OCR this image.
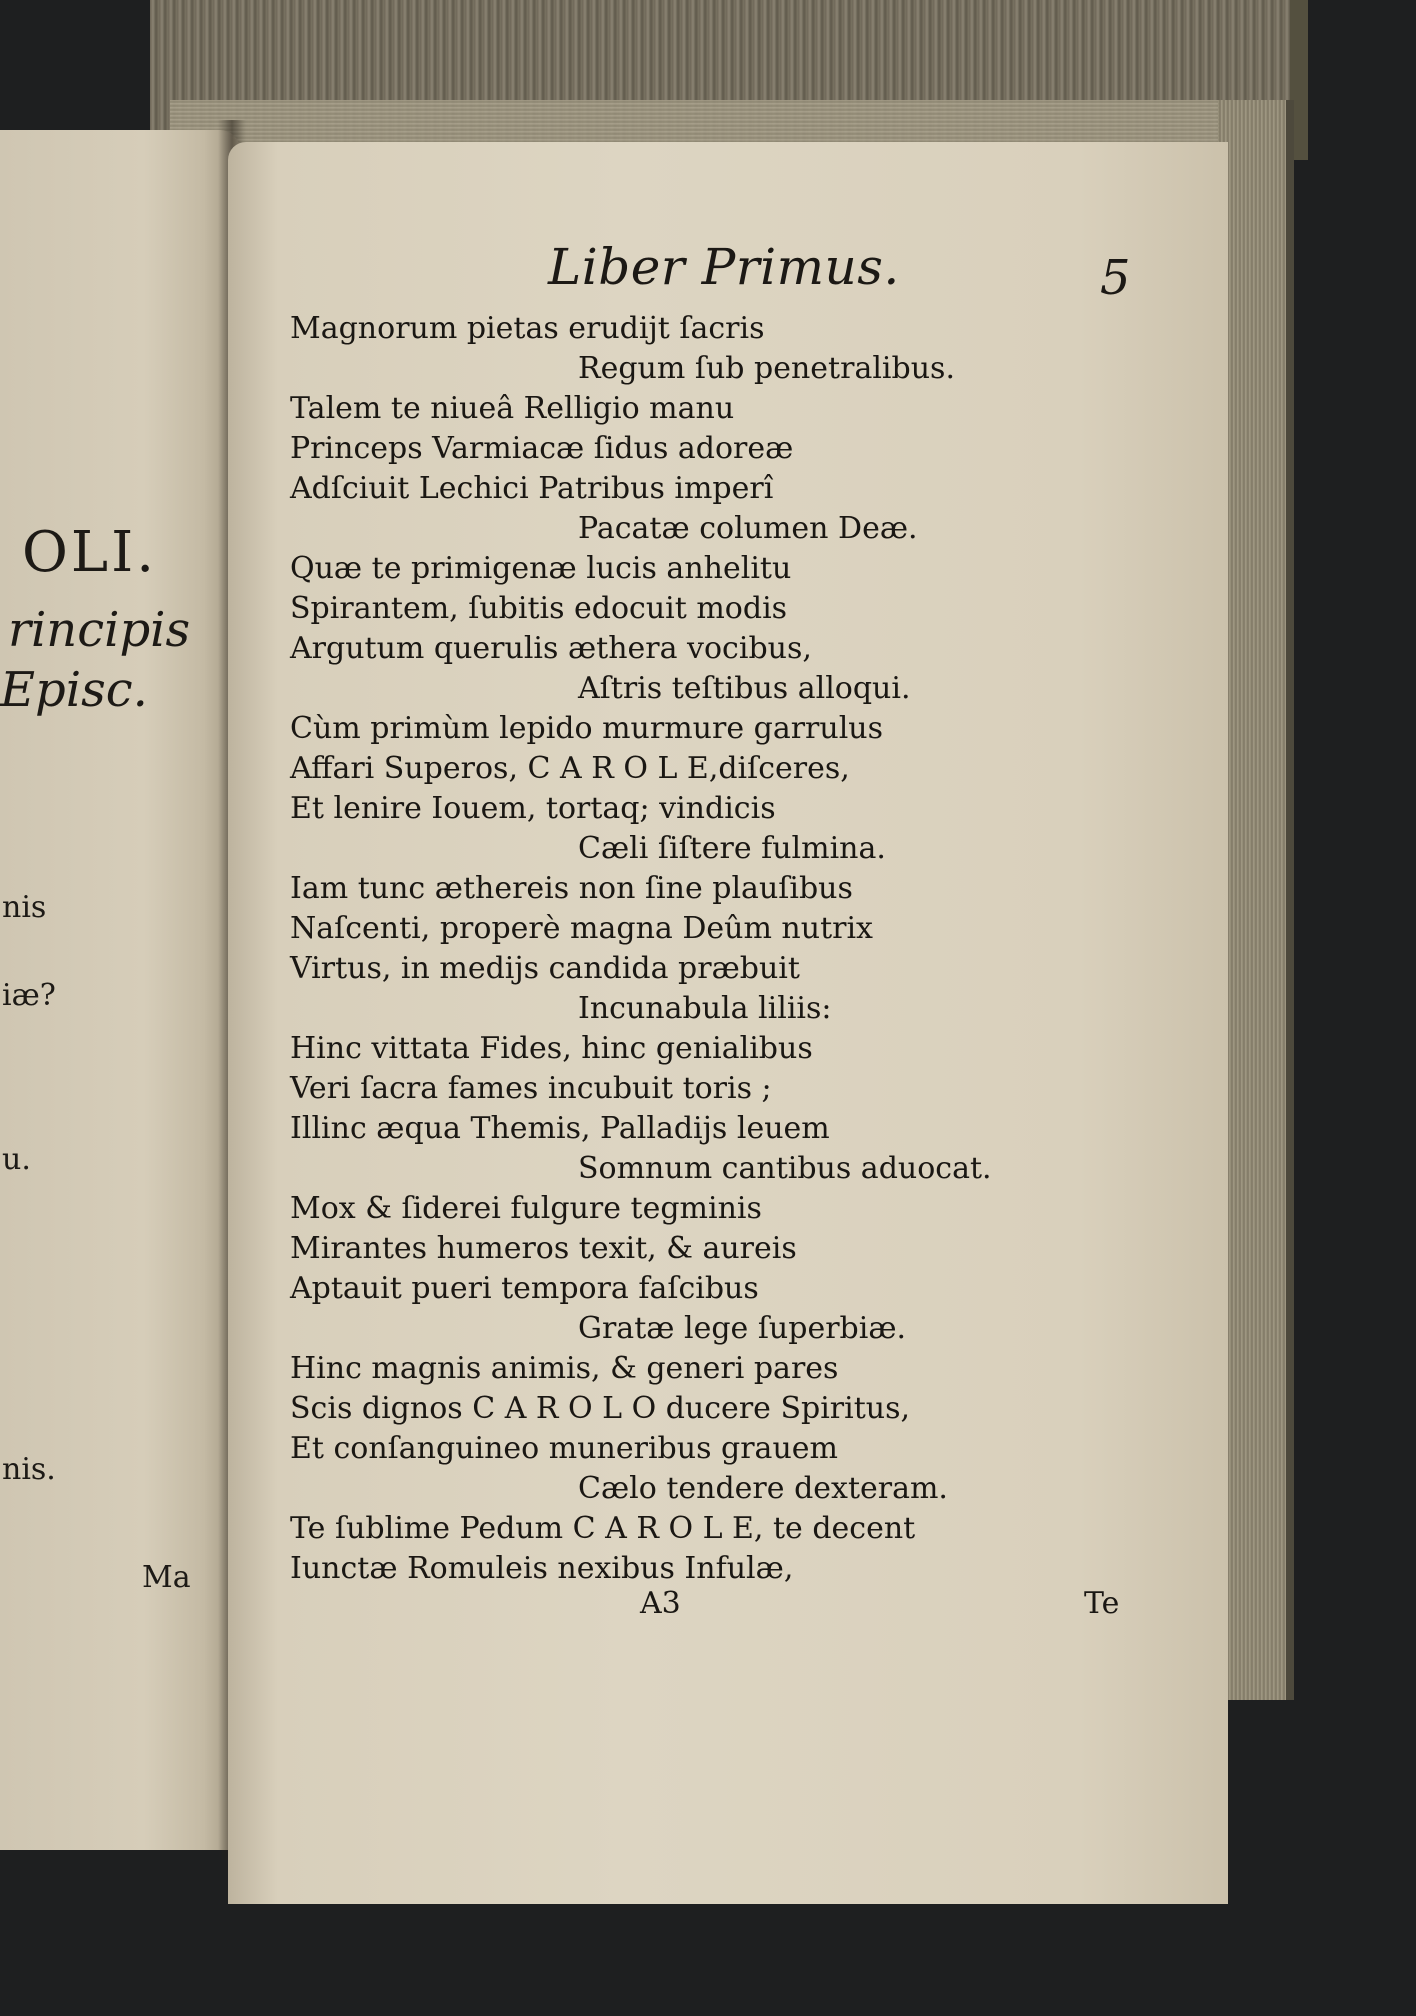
OLI.
rincipis
Episc.
nis
iæ?
u.
nis.
Ma
Liber Primus.	5
Magnorum pietas erudijt ſacris
Regum ſub penetralibus.
Talem te niueâ Relligio manu
Princeps Varmiacæ ſidus adoreæ
Adſciuit Lechici Patribus imperî
Pacatæ columen Deæ.
Quæ te primigenæ lucis anhelitu
Spirantem, ſubitis edocuit modis
Argutum querulis æthera vocibus,
Aſtris teſtibus alloqui.
Cùm primùm lepido murmure garrulus
Affari Superos, C A R O L E,diſceres,
Et lenire Iouem, tortaq; vindicis
Cæli ſiſtere fulmina.
Iam tunc æthereis non ſine plauſibus
Naſcenti, properè magna Deûm nutrix
Virtus, in medijs candida præbuit
Incunabula liliis:
Hinc vittata Fides, hinc genialibus
Veri ſacra fames incubuit toris ;
Illinc æqua Themis, Palladijs leuem
Somnum cantibus aduocat.
Mox & ſiderei fulgure tegminis
Mirantes humeros texit, & aureis
Aptauit pueri tempora faſcibus
Gratæ lege ſuperbiæ.
Hinc magnis animis, & generi pares
Scis dignos C A R O L O ducere Spiritus,
Et conſanguineo muneribus grauem
Cælo tendere dexteram.
Te ſublime Pedum C A R O L E, te decent
Iunctæ Romuleis nexibus Infulæ,
A3	Te
